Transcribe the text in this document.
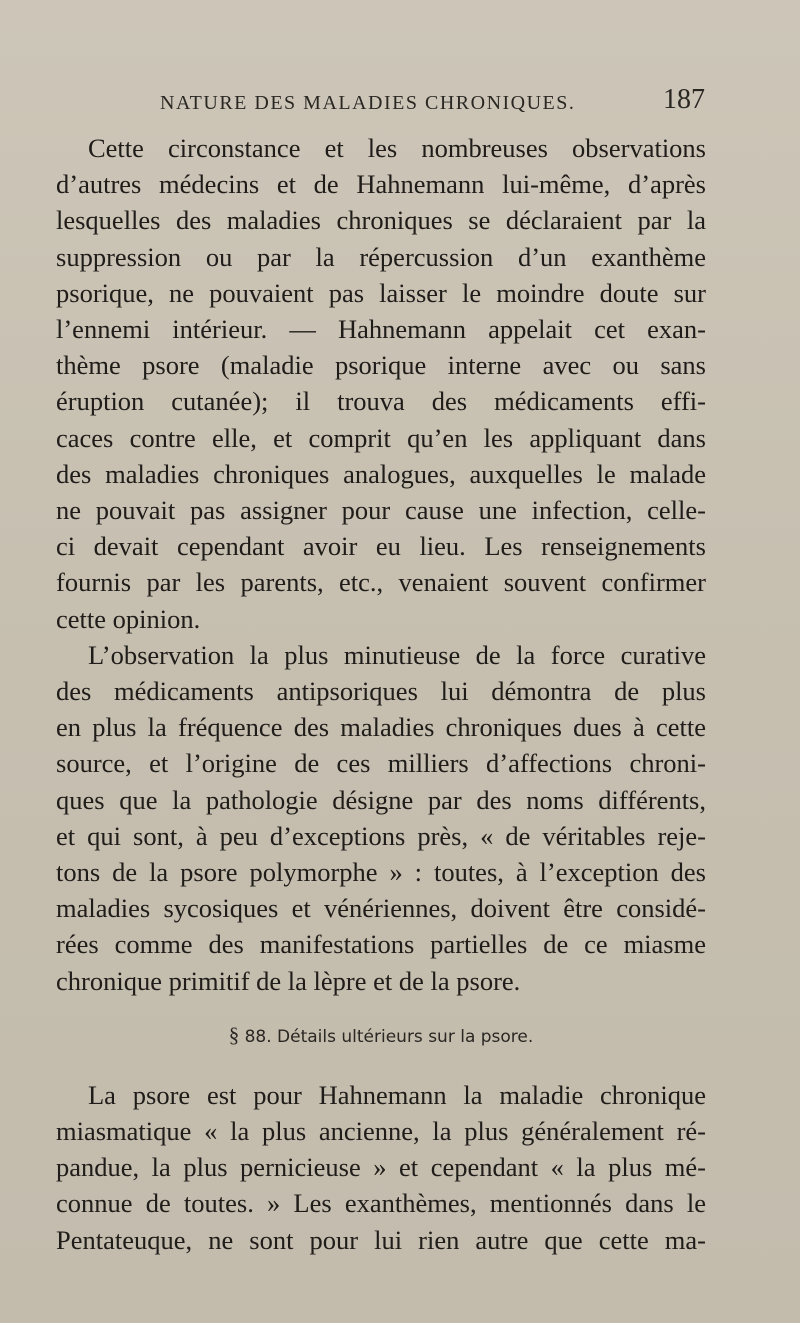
NATURE DES MALADIES CHRONIQUES.	187

Cette circonstance et les nombreuses observations
d’autres médecins et de Hahnemann lui-même, d’après
lesquelles des maladies chroniques se déclaraient par la
suppression ou par la répercussion d’un exanthème
psorique, ne pouvaient pas laisser le moindre doute sur
l’ennemi intérieur. — Hahnemann appelait cet exan-
thème psore (maladie psorique interne avec ou sans
éruption cutanée); il trouva des médicaments effi-
caces contre elle, et comprit qu’en les appliquant dans
des maladies chroniques analogues, auxquelles le malade
ne pouvait pas assigner pour cause une infection, celle-
ci devait cependant avoir eu lieu. Les renseignements
fournis par les parents, etc., venaient souvent confirmer
cette opinion.

L’observation la plus minutieuse de la force curative
des médicaments antipsoriques lui démontra de plus
en plus la fréquence des maladies chroniques dues à cette
source, et l’origine de ces milliers d’affections chroni-
ques que la pathologie désigne par des noms différents,
et qui sont, à peu d’exceptions près, « de véritables reje-
tons de la psore polymorphe » : toutes, à l’exception des
maladies sycosiques et vénériennes, doivent être considé-
rées comme des manifestations partielles de ce miasme
chronique primitif de la lèpre et de la psore.

§ 88. Détails ultérieurs sur la psore.

La psore est pour Hahnemann la maladie chronique
miasmatique « la plus ancienne, la plus généralement ré-
pandue, la plus pernicieuse » et cependant « la plus mé-
connue de toutes. » Les exanthèmes, mentionnés dans le
Pentateuque, ne sont pour lui rien autre que cette ma-
